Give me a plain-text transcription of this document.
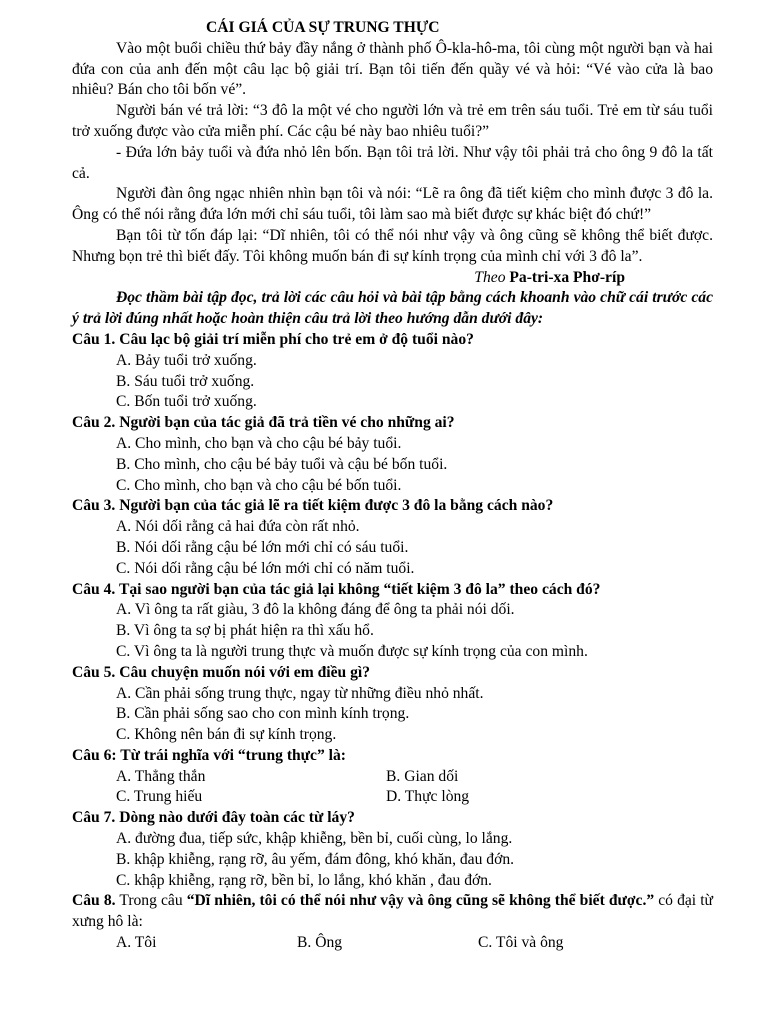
CÁI GIÁ CỦA SỰ TRUNG THỰC

Vào một buổi chiều thứ bảy đầy nắng ở thành phố Ô-kla-hô-ma, tôi cùng một người bạn và hai đứa con của anh đến một câu lạc bộ giải trí. Bạn tôi tiến đến quầy vé và hỏi: “Vé vào cửa là bao nhiêu? Bán cho tôi bốn vé”.

Người bán vé trả lời: “3 đô la một vé cho người lớn và trẻ em trên sáu tuổi. Trẻ em từ sáu tuổi trở xuống được vào cửa miễn phí. Các cậu bé này bao nhiêu tuổi?”

- Đứa lớn bảy tuổi và đứa nhỏ lên bốn. Bạn tôi trả lời. Như vậy tôi phải trả cho ông 9 đô la tất cả.

Người đàn ông ngạc nhiên nhìn bạn tôi và nói: “Lẽ ra ông đã tiết kiệm cho mình được 3 đô la. Ông có thể nói rằng đứa lớn mới chỉ sáu tuổi, tôi làm sao mà biết được sự khác biệt đó chứ!”

Bạn tôi từ tốn đáp lại: “Dĩ nhiên, tôi có thể nói như vậy và ông cũng sẽ không thể biết được. Nhưng bọn trẻ thì biết đấy. Tôi không muốn bán đi sự kính trọng của mình chỉ với 3 đô la”.

Theo Pa-tri-xa Phơ-ríp

Đọc thầm bài tập đọc, trả lời các câu hỏi và bài tập bằng cách khoanh vào chữ cái trước các ý trả lời đúng nhất hoặc hoàn thiện câu trả lời theo hướng dẫn dưới đây:

Câu 1. Câu lạc bộ giải trí miễn phí cho trẻ em ở độ tuổi nào?

A. Bảy tuổi trở xuống.

B. Sáu tuổi trở xuống.

C. Bốn tuổi trở xuống.

Câu 2. Người bạn của tác giả đã trả tiền vé cho những ai?

A. Cho mình, cho bạn và cho cậu bé bảy tuổi.

B. Cho mình, cho cậu bé bảy tuổi và cậu bé bốn tuổi.

C. Cho mình, cho bạn và cho cậu bé bốn tuổi.

Câu 3. Người bạn của tác giả lẽ ra tiết kiệm được 3 đô la bằng cách nào?

A. Nói dối rằng cả hai đứa còn rất nhỏ.

B. Nói dối rằng cậu bé lớn mới chỉ có sáu tuổi.

C. Nói dối rằng cậu bé lớn mới chỉ có năm tuổi.

Câu 4. Tại sao người bạn của tác giả lại không “tiết kiệm 3 đô la” theo cách đó?

A. Vì ông ta rất giàu, 3 đô la không đáng để ông ta phải nói dối.

B. Vì ông ta sợ bị phát hiện ra thì xấu hổ.

C. Vì ông ta là người trung thực và muốn được sự kính trọng của con mình.

Câu 5. Câu chuyện muốn nói với em điều gì?

A. Cần phải sống trung thực, ngay từ những điều nhỏ nhất.

B. Cần phải sống sao cho con mình kính trọng.

C. Không nên bán đi sự kính trọng.

Câu 6: Từ trái nghĩa với “trung thực” là:

A. Thẳng thắn	B. Gian dối
C. Trung hiếu	D. Thực lòng

Câu 7. Dòng nào dưới đây toàn các từ láy?

A. đường đua, tiếp sức, khập khiễng, bền bỉ, cuối cùng, lo lắng.

B. khập khiễng, rạng rỡ, âu yếm, đám đông, khó khăn, đau đớn.

C. khập khiễng, rạng rỡ, bền bỉ, lo lắng, khó khăn , đau đớn.

Câu 8. Trong câu “Dĩ nhiên, tôi có thể nói như vậy và ông cũng sẽ không thể biết được.” có đại từ xưng hô là:

A. Tôi	B. Ông	C. Tôi và ông
